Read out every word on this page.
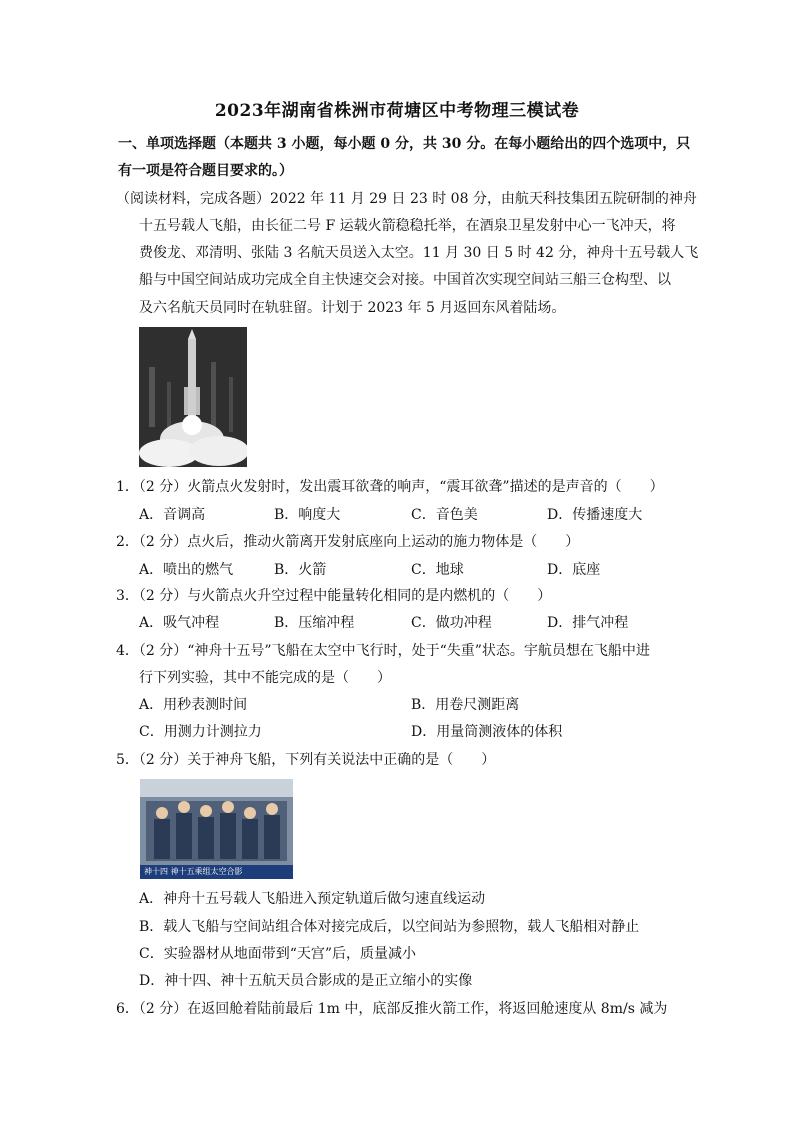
2023年湖南省株洲市荷塘区中考物理三模试卷
一、单项选择题（本题共 3 小题，每小题 0 分，共 30 分。在每小题给出的四个选项中，只
有一项是符合题目要求的。）
（阅读材料，完成各题）2022 年 11 月 29 日 23 时 08 分，由航天科技集团五院研制的神舟
十五号载人飞船，由长征二号 F 运载火箭稳稳托举，在酒泉卫星发射中心一飞冲天，将
费俊龙、邓清明、张陆 3 名航天员送入太空。11 月 30 日 5 时 42 分，神舟十五号载人飞
船与中国空间站成功完成全自主快速交会对接。中国首次实现空间站三船三仓构型、以
及六名航天员同时在轨驻留。计划于 2023 年 5 月返回东风着陆场。
1．（2 分）火箭点火发射时，发出震耳欲聋的响声，“震耳欲聋”描述的是声音的（　　）
A．音调高	B．响度大	C．音色美	D．传播速度大
2．（2 分）点火后，推动火箭离开发射底座向上运动的施力物体是（　　）
A．喷出的燃气	B．火箭	C．地球	D．底座
3．（2 分）与火箭点火升空过程中能量转化相同的是内燃机的（　　）
A．吸气冲程	B．压缩冲程	C．做功冲程	D．排气冲程
4．（2 分）“神舟十五号”飞船在太空中飞行时，处于“失重”状态。宇航员想在飞船中进
行下列实验，其中不能完成的是（　　）
A．用秒表测时间	B．用卷尺测距离
C．用测力计测拉力	D．用量筒测液体的体积
5．（2 分）关于神舟飞船，下列有关说法中正确的是（　　）
神十四 神十五乘组太空合影
A．神舟十五号载人飞船进入预定轨道后做匀速直线运动
B．载人飞船与空间站组合体对接完成后，以空间站为参照物，载人飞船相对静止
C．实验器材从地面带到“天宫”后，质量减小
D．神十四、神十五航天员合影成的是正立缩小的实像
6．（2 分）在返回舱着陆前最后 1m 中，底部反推火箭工作，将返回舱速度从 8m/s 减为
